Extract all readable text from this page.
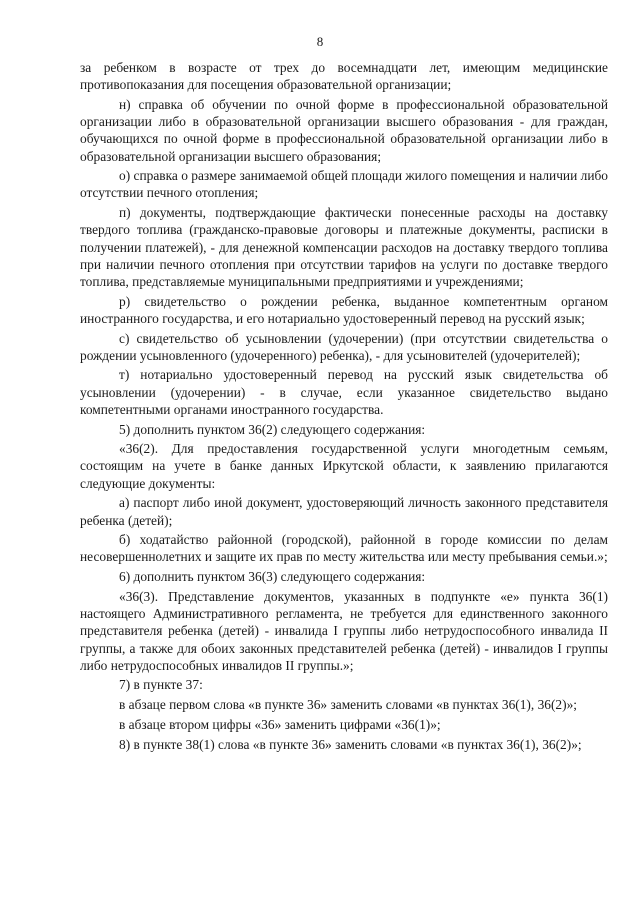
8

за ребенком в возрасте от трех до восемнадцати лет, имеющим медицинские противопоказания для посещения образовательной организации;

н) справка об обучении по очной форме в профессиональной образовательной организации либо в образовательной организации высшего образования - для граждан, обучающихся по очной форме в профессиональной образовательной организации либо в образовательной организации высшего образования;

о) справка о размере занимаемой общей площади жилого помещения и наличии либо отсутствии печного отопления;

п) документы, подтверждающие фактически понесенные расходы на доставку твердого топлива (гражданско-правовые договоры и платежные документы, расписки в получении платежей), - для денежной компенсации расходов на доставку твердого топлива при наличии печного отопления при отсутствии тарифов на услуги по доставке твердого топлива, представляемые муниципальными предприятиями и учреждениями;

р) свидетельство о рождении ребенка, выданное компетентным органом иностранного государства, и его нотариально удостоверенный перевод на русский язык;

с) свидетельство об усыновлении (удочерении) (при отсутствии свидетельства о рождении усыновленного (удочеренного) ребенка), - для усыновителей (удочерителей);

т) нотариально удостоверенный перевод на русский язык свидетельства об усыновлении (удочерении) - в случае, если указанное свидетельство выдано компетентными органами иностранного государства.

5) дополнить пунктом 36(2) следующего содержания:

«36(2). Для предоставления государственной услуги многодетным семьям, состоящим на учете в банке данных Иркутской области, к заявлению прилагаются следующие документы:

а) паспорт либо иной документ, удостоверяющий личность законного представителя ребенка (детей);

б) ходатайство районной (городской), районной в городе комиссии по делам несовершеннолетних и защите их прав по месту жительства или месту пребывания семьи.»;

6) дополнить пунктом 36(3) следующего содержания:

«36(3). Представление документов, указанных в подпункте «е» пункта 36(1) настоящего Административного регламента, не требуется для единственного законного представителя ребенка (детей) - инвалида I группы либо нетрудоспособного инвалида II группы, а также для обоих законных представителей ребенка (детей) - инвалидов I группы либо нетрудоспособных инвалидов II группы.»;

7) в пункте 37:

в абзаце первом слова «в пункте 36» заменить словами «в пунктах 36(1), 36(2)»;

в абзаце втором цифры «36» заменить цифрами «36(1)»;

8) в пункте 38(1) слова «в пункте 36» заменить словами «в пунктах 36(1), 36(2)»;
